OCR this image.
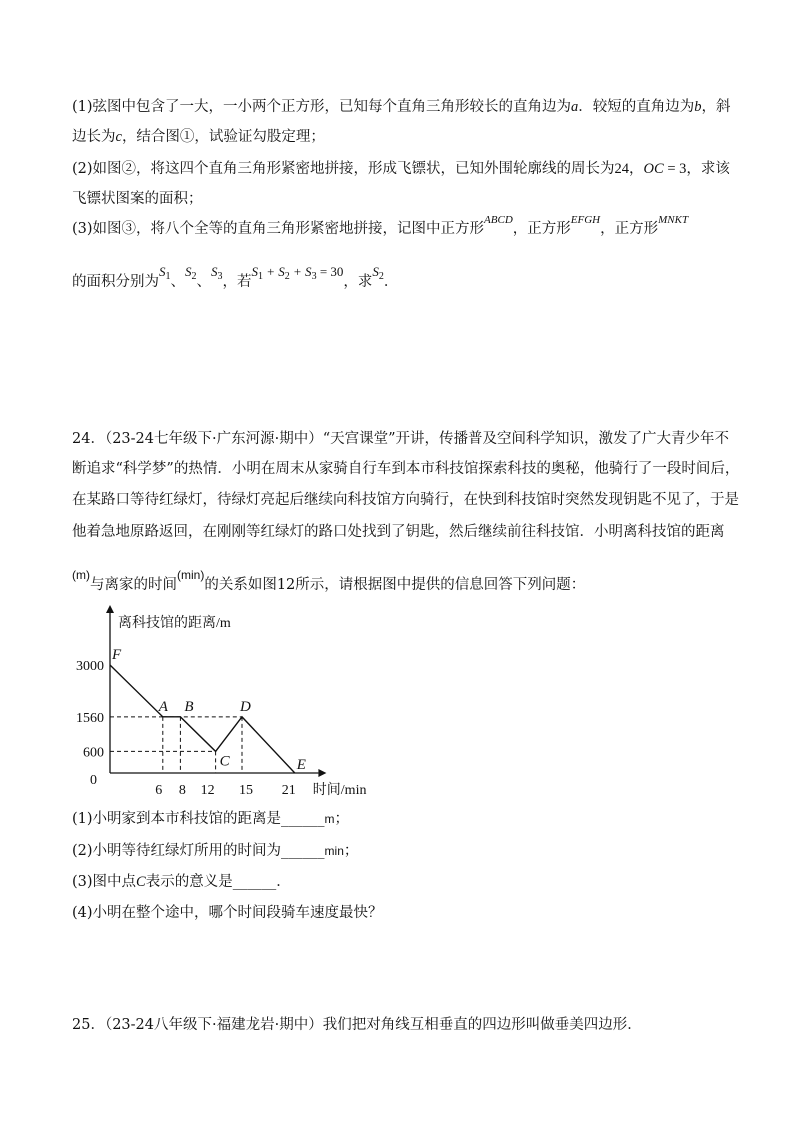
(1)弦图中包含了一大，一小两个正方形，已知每个直角三角形较长的直角边为a．较短的直角边为b，斜
边长为c，结合图①，试验证勾股定理；
(2)如图②，将这四个直角三角形紧密地拼接，形成飞镖状，已知外围轮廓线的周长为24，OC = 3，求该
飞镖状图案的面积；
(3)如图③，将八个全等的直角三角形紧密地拼接，记图中正方形$^{ABCD}$，正方形$^{EFGH}$，正方形$^{MNKT}$
的面积分别为$S_1$、$S_2$、$S_3$，若$S_1 + S_2 + S_3 = 30$，求$S_2$．
24．（23-24七年级下·广东河源·期中）“天宫课堂”开讲，传播普及空间科学知识，激发了广大青少年不
断追求“科学梦”的热情．小明在周末从家骑自行车到本市科技馆探索科技的奥秘，他骑行了一段时间后，
在某路口等待红绿灯，待绿灯亮起后继续向科技馆方向骑行，在快到科技馆时突然发现钥匙不见了，于是
他着急地原路返回，在刚刚等红绿灯的路口处找到了钥匙，然后继续前往科技馆．小明离科技馆的距离
$^{(m)}$与离家的时间$^{(min)}$的关系如图12所示，请根据图中提供的信息回答下列问题：
离科技馆的距离/m
时间/min
0
F
A B
C
D
E
6 8 12 15 21
600
1560
3000
(1)小明家到本市科技馆的距离是______m；
(2)小明等待红绿灯所用的时间为______min；
(3)图中点C表示的意义是______．
(4)小明在整个途中，哪个时间段骑车速度最快？
25．（23-24八年级下·福建龙岩·期中）我们把对角线互相垂直的四边形叫做垂美四边形．
